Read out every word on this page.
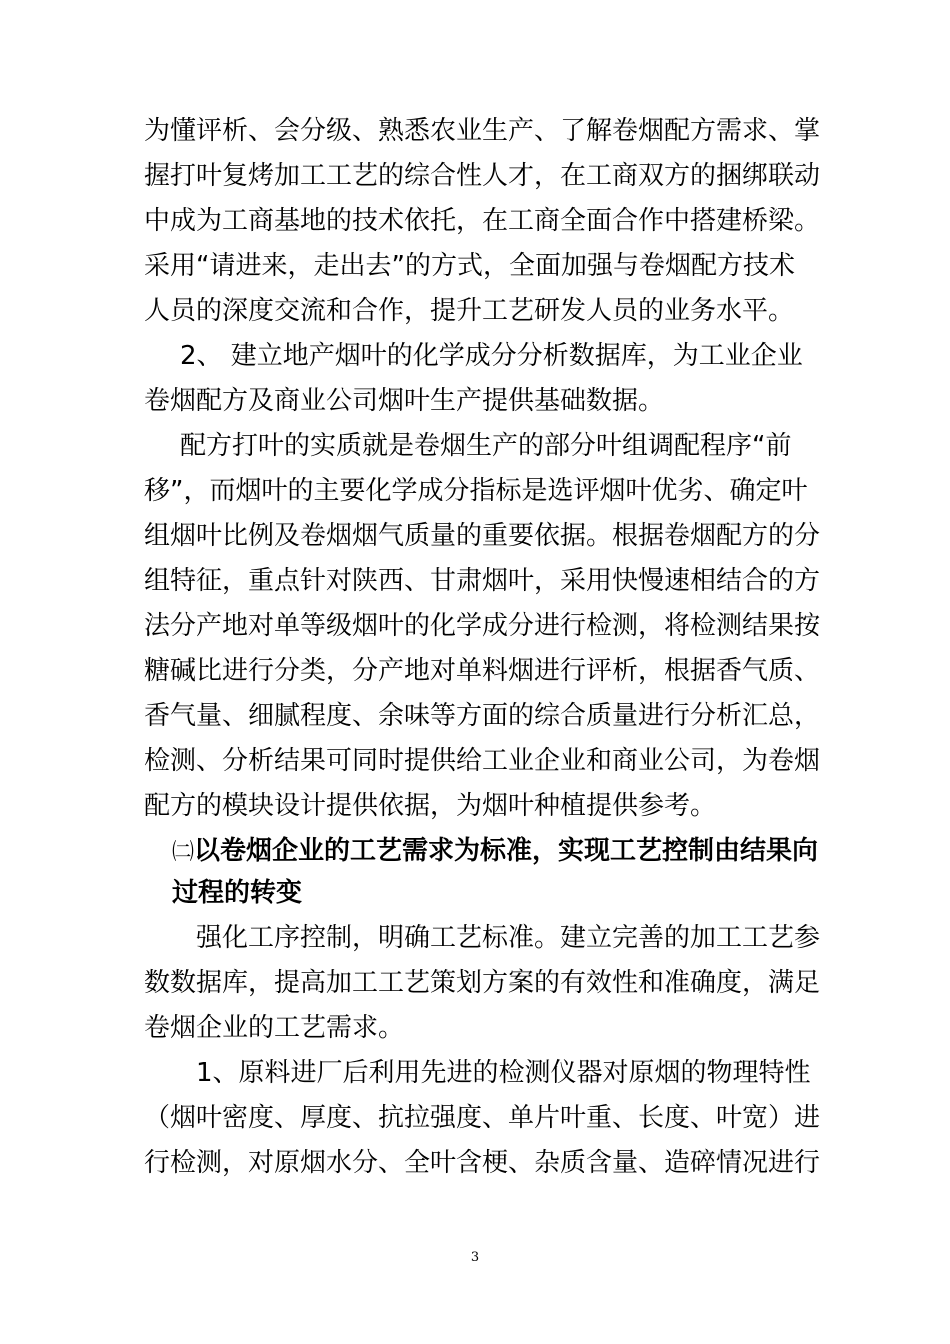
为懂评析、会分级、熟悉农业生产、了解卷烟配方需求、掌
握打叶复烤加工工艺的综合性人才，在工商双方的捆绑联动
中成为工商基地的技术依托，在工商全面合作中搭建桥梁。
采用“请进来，走出去”的方式，全面加强与卷烟配方技术
人员的深度交流和合作，提升工艺研发人员的业务水平。
2、 建立地产烟叶的化学成分分析数据库，为工业企业
卷烟配方及商业公司烟叶生产提供基础数据。
配方打叶的实质就是卷烟生产的部分叶组调配程序“前
移”，而烟叶的主要化学成分指标是选评烟叶优劣、确定叶
组烟叶比例及卷烟烟气质量的重要依据。根据卷烟配方的分
组特征，重点针对陕西、甘肃烟叶，采用快慢速相结合的方
法分产地对单等级烟叶的化学成分进行检测，将检测结果按
糖碱比进行分类，分产地对单料烟进行评析，根据香气质、
香气量、细腻程度、余味等方面的综合质量进行分析汇总，
检测、分析结果可同时提供给工业企业和商业公司，为卷烟
配方的模块设计提供依据，为烟叶种植提供参考。
㈡以卷烟企业的工艺需求为标准，实现工艺控制由结果向
过程的转变
强化工序控制，明确工艺标准。建立完善的加工工艺参
数数据库，提高加工工艺策划方案的有效性和准确度，满足
卷烟企业的工艺需求。
1、原料进厂后利用先进的检测仪器对原烟的物理特性
（烟叶密度、厚度、抗拉强度、单片叶重、长度、叶宽）进
行检测，对原烟水分、全叶含梗、杂质含量、造碎情况进行
3
